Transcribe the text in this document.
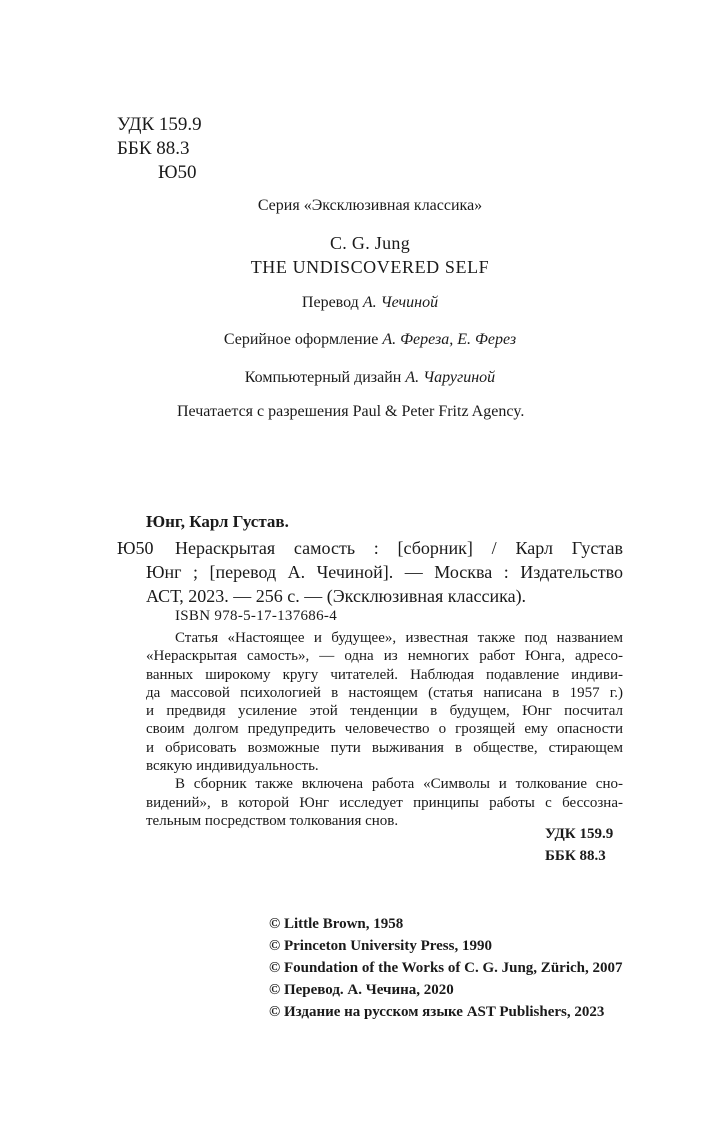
УДК 159.9
ББК 88.3
Ю50
Серия «Эксклюзивная классика»
C. G. Jung
THE UNDISCOVERED SELF
Перевод А. Чечиной
Серийное оформление А. Фереза, Е. Ферез
Компьютерный дизайн А. Чаругиной
Печатается с разрешения Paul & Peter Fritz Agency.
Юнг, Карл Густав.
Ю50 Нераскрытая самость : [сборник] / Карл Густав
Юнг ; [перевод А. Чечиной]. — Москва : Издательство
АСТ, 2023. — 256 с. — (Эксклюзивная классика).
ISBN 978-5-17-137686-4
Статья «Настоящее и будущее», известная также под названием
«Нераскрытая самость», — одна из немногих работ Юнга, адресо-
ванных широкому кругу читателей. Наблюдая подавление индиви-
да массовой психологией в настоящем (статья написана в 1957 г.)
и предвидя усиление этой тенденции в будущем, Юнг посчитал
своим долгом предупредить человечество о грозящей ему опасности
и обрисовать возможные пути выживания в обществе, стирающем
всякую индивидуальность.
В сборник также включена работа «Символы и толкование сно-
видений», в которой Юнг исследует принципы работы с бессозна-
тельным посредством толкования снов.
УДК 159.9
ББК 88.3
© Little Brown, 1958
© Princeton University Press, 1990
© Foundation of the Works of C. G. Jung, Zürich, 2007
© Перевод. А. Чечина, 2020
© Издание на русском языке AST Publishers, 2023
